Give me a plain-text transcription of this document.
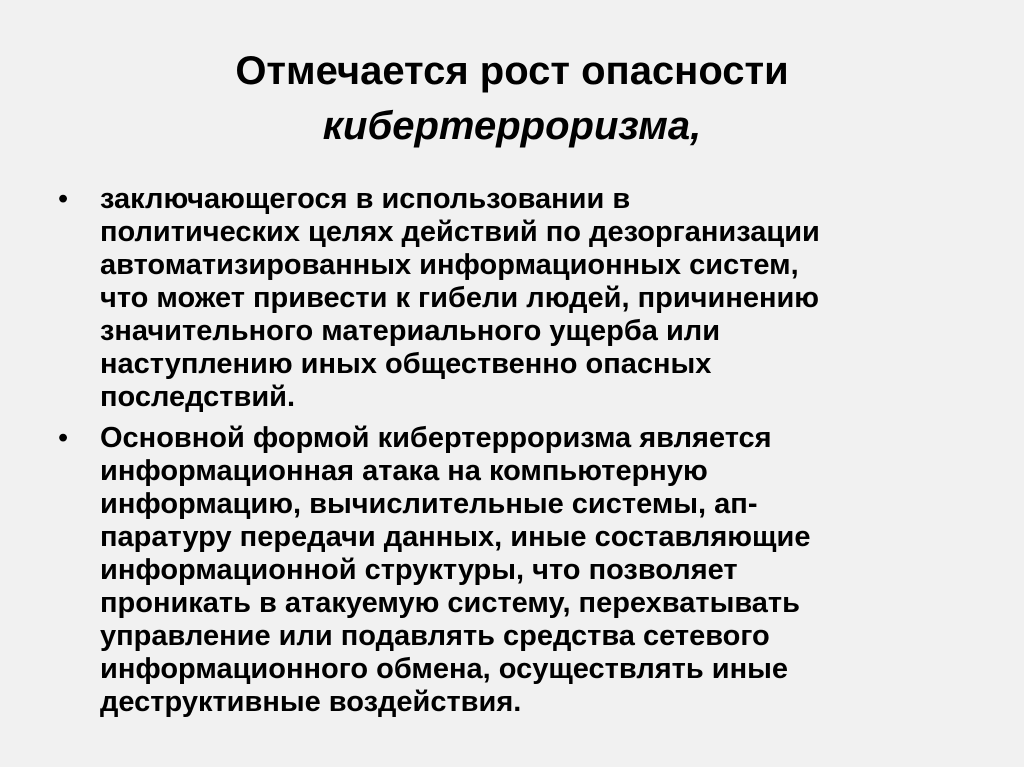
Отмечается рост опасности
кибертерроризма,
• заключающегося в использовании в
политических целях действий по дезорганизации
автоматизированных информационных систем,
что может привести к гибели людей, причинению
значительного материального ущерба или
наступлению иных общественно опасных
последствий.
• Основной формой кибертерроризма является
информационная атака на компьютерную
информацию, вычислительные системы, ап-
паратуру передачи данных, иные составляющие
информационной структуры, что позволяет
проникать в атакуемую систему, перехватывать
управление или подавлять средства сетевого
информационного обмена, осуществлять иные
деструктивные воздействия.
